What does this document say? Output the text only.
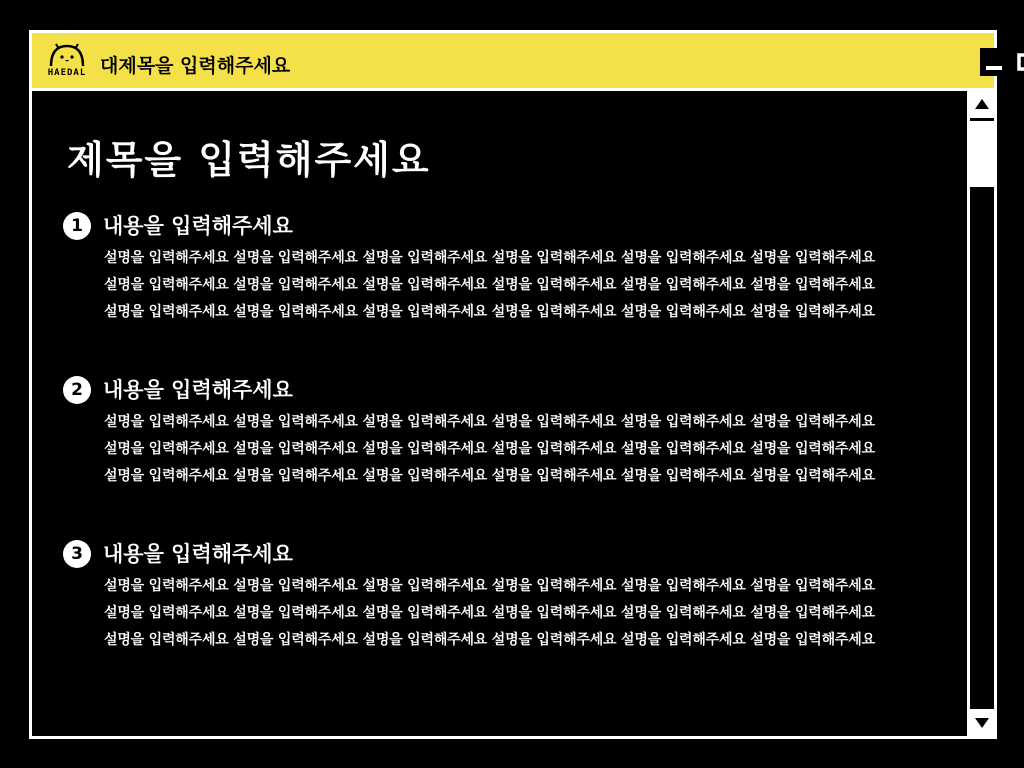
HAEDAL 대제목을 입력해주세요
제목을 입력해주세요
1 내용을 입력해주세요
설명을 입력해주세요 설명을 입력해주세요 설명을 입력해주세요 설명을 입력해주세요 설명을 입력해주세요 설명을 입력해주세요
설명을 입력해주세요 설명을 입력해주세요 설명을 입력해주세요 설명을 입력해주세요 설명을 입력해주세요 설명을 입력해주세요
설명을 입력해주세요 설명을 입력해주세요 설명을 입력해주세요 설명을 입력해주세요 설명을 입력해주세요 설명을 입력해주세요
2 내용을 입력해주세요
설명을 입력해주세요 설명을 입력해주세요 설명을 입력해주세요 설명을 입력해주세요 설명을 입력해주세요 설명을 입력해주세요
설명을 입력해주세요 설명을 입력해주세요 설명을 입력해주세요 설명을 입력해주세요 설명을 입력해주세요 설명을 입력해주세요
설명을 입력해주세요 설명을 입력해주세요 설명을 입력해주세요 설명을 입력해주세요 설명을 입력해주세요 설명을 입력해주세요
3 내용을 입력해주세요
설명을 입력해주세요 설명을 입력해주세요 설명을 입력해주세요 설명을 입력해주세요 설명을 입력해주세요 설명을 입력해주세요
설명을 입력해주세요 설명을 입력해주세요 설명을 입력해주세요 설명을 입력해주세요 설명을 입력해주세요 설명을 입력해주세요
설명을 입력해주세요 설명을 입력해주세요 설명을 입력해주세요 설명을 입력해주세요 설명을 입력해주세요 설명을 입력해주세요
